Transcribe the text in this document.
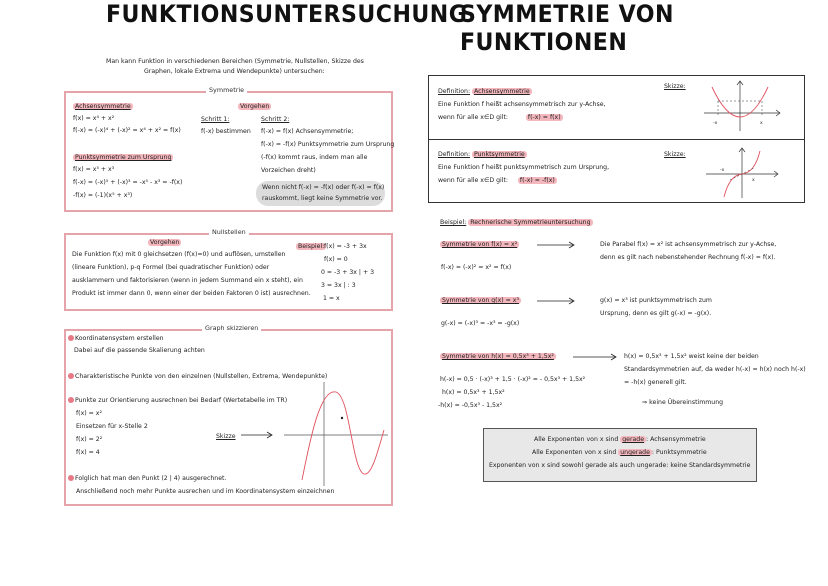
FUNKTIONSUNTERSUCHUNG
Man kann Funktion in verschiedenen Bereichen (Symmetrie, Nullstellen, Skizze des
Graphen, lokale Extrema und Wendepunkte) untersuchen:
Symmetrie
Achsensymmetrie
f(x) = x⁴ + x²
f(-x) = (-x)⁴ + (-x)² = x⁴ + x² = f(x)
Punktsymmetrie zum Ursprung
f(x) = x⁵ + x³
f(-x) = (-x)⁵ + (-x)³ = -x⁵ - x³ = -f(x)
-f(x) = (-1)(x⁵ + x³)
Vorgehen
Schritt 1:
f(-x) bestimmen
Schritt 2:
f(-x) = f(x) Achsensymmetrie;
f(-x) = -f(x) Punktsymmetrie zum Ursprung
(-f(x) kommt raus, indem man alle
Vorzeichen dreht)
Wenn nicht f(-x) = -f(x) oder f(-x) = f(x)
rauskommt, liegt keine Symmetrie vor.
Nullstellen
Vorgehen
Die Funktion f(x) mit 0 gleichsetzen (f(x)=0) und auflösen, umstellen
(lineare Funktion), p-q Formel (bei quadratischer Funktion) oder
ausklammern und faktorisieren (wenn in jedem Summand ein x steht), ein
Produkt ist immer dann 0, wenn einer der beiden Faktoren 0 ist) ausrechnen.
Beispiel: f(x) = -3 + 3x
f(x) = 0
0 = -3 + 3x | + 3
3 = 3x | : 3
1 = x
Graph skizzieren
Koordinatensystem erstellen
Dabei auf die passende Skalierung achten
Charakteristische Punkte von den einzelnen (Nullstellen, Extrema, Wendepunkte)
Punkte zur Orientierung ausrechnen bei Bedarf (Wertetabelle im TR)
f(x) = x²
Einsetzen für x-Stelle 2
f(x) = 2²
f(x) = 4
Skizze
Folglich hat man den Punkt (2 | 4) ausgerechnet.
Anschließend noch mehr Punkte ausrechen und im Koordinatensystem einzeichnen
SYMMETRIE VON FUNKTIONEN
Definition: Achsensymmetrie
Eine Funktion f heißt achsensymmetrisch zur y-Achse,
wenn für alle x∈D gilt:	f(-x) = f(x)
Skizze:
-x	x
Definition: Punktsymmetrie
Eine Funktion f heißt punktsymmetrisch zum Ursprung,
wenn für alle x∈D gilt: f(-x) = -f(x)
Skizze:
-x
x
Beispiel: Rechnerische Symmetrieuntersuchung
Symmetrie von f(x) = x²
f(-x) = (-x)² = x² = f(x)
Die Parabel f(x) = x² ist achsensymmetrisch zur y-Achse,
denn es gilt nach nebenstehender Rechnung f(-x) = f(x).
Symmetrie von g(x) = x³
g(-x) = (-x)³ = -x³ = -g(x)
g(x) = x³ ist punktsymmetrisch zum
Ursprung, denn es gilt g(-x) = -g(x).
Symmetrie von h(x) = 0,5x³ + 1,5x²
h(-x) = 0,5 · (-x)³ + 1,5 · (-x)² = - 0,5x³ + 1,5x²
h(x) = 0,5x³ + 1,5x²
-h(x) = -0,5x³ - 1,5x²
h(x) = 0,5x³ + 1,5x² weist keine der beiden
Standardsymmetrien auf, da weder h(-x) = h(x) noch h(-x)
= -h(x) generell gilt.
⇒ keine Übereinstimmung
Alle Exponenten von x sind gerade : Achsensymmetrie
Alle Exponenten von x sind ungerade : Punktsymmetrie
Exponenten von x sind sowohl gerade als auch ungerade: keine Standardsymmetrie
